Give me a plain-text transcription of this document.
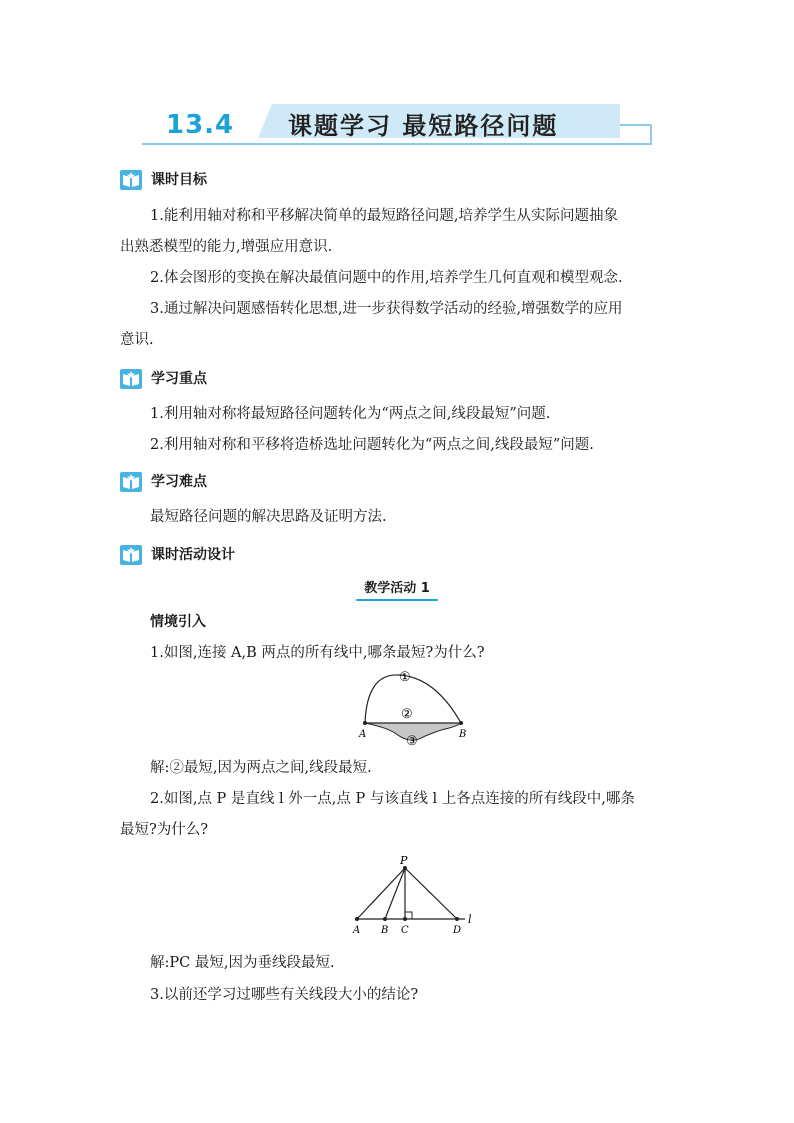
13.4 课题学习 最短路径问题
课时目标
1.能利用轴对称和平移解决简单的最短路径问题,培养学生从实际问题抽象
出熟悉模型的能力,增强应用意识.
2.体会图形的变换在解决最值问题中的作用,培养学生几何直观和模型观念.
3.通过解决问题感悟转化思想,进一步获得数学活动的经验,增强数学的应用
意识.
学习重点
1.利用轴对称将最短路径问题转化为“两点之间,线段最短”问题.
2.利用轴对称和平移将造桥选址问题转化为“两点之间,线段最短”问题.
学习难点
最短路径问题的解决思路及证明方法.
课时活动设计
教学活动 1
情境引入
1.如图,连接 A,B 两点的所有线中,哪条最短?为什么?
①
②
③
A	B
解:②最短,因为两点之间,线段最短.
2.如图,点 P 是直线 l 外一点,点 P 与该直线 l 上各点连接的所有线段中,哪条
最短?为什么?
P
A B C	D
l
解:PC 最短,因为垂线段最短.
3.以前还学习过哪些有关线段大小的结论?
